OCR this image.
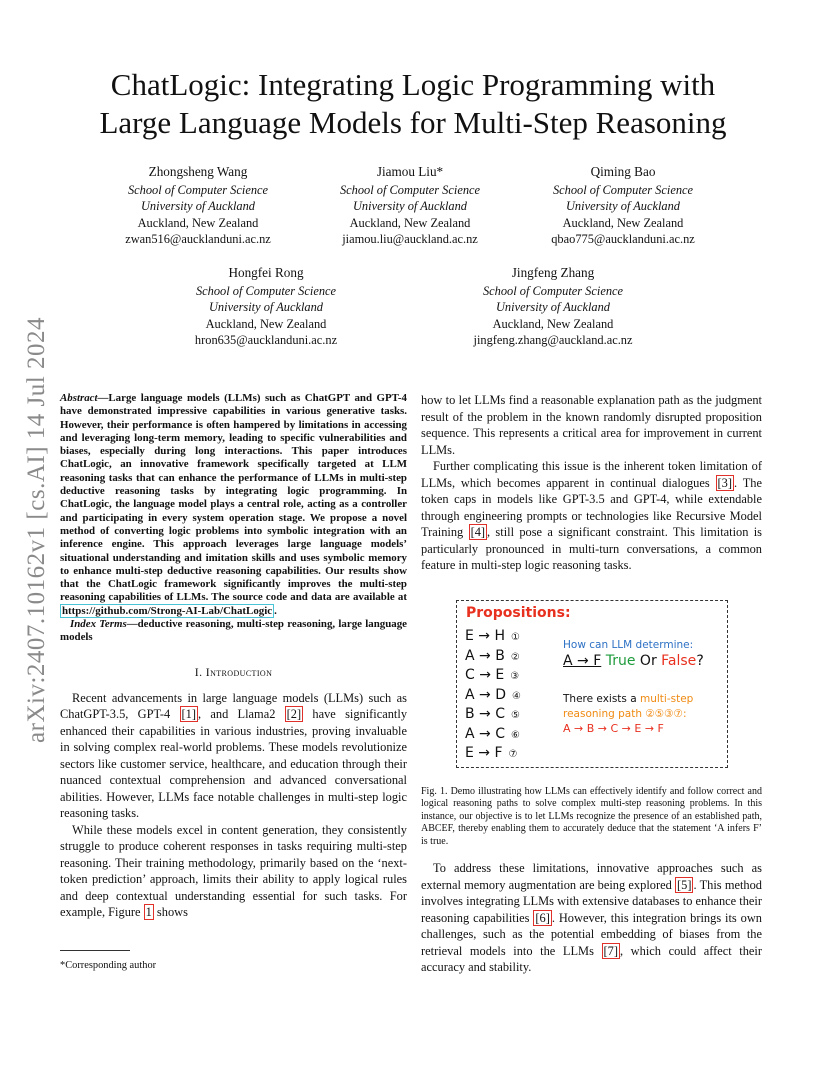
arXiv:2407.10162v1 [cs.AI] 14 Jul 2024
ChatLogic: Integrating Logic Programming with
Large Language Models for Multi-Step Reasoning
Zhongsheng Wang
School of Computer Science
University of Auckland
Auckland, New Zealand
zwan516@aucklanduni.ac.nz
Jiamou Liu*
School of Computer Science
University of Auckland
Auckland, New Zealand
jiamou.liu@auckland.ac.nz
Qiming Bao
School of Computer Science
University of Auckland
Auckland, New Zealand
qbao775@aucklanduni.ac.nz
Hongfei Rong
School of Computer Science
University of Auckland
Auckland, New Zealand
hron635@aucklanduni.ac.nz
Jingfeng Zhang
School of Computer Science
University of Auckland
Auckland, New Zealand
jingfeng.zhang@auckland.ac.nz

Abstract—Large language models (LLMs) such as ChatGPT and GPT-4 have demonstrated impressive capabilities in various generative tasks. However, their performance is often hampered by limitations in accessing and leveraging long-term memory, leading to specific vulnerabilities and biases, especially during long interactions. This paper introduces ChatLogic, an innovative framework specifically targeted at LLM reasoning tasks that can enhance the performance of LLMs in multi-step deductive reasoning tasks by integrating logic programming. In ChatLogic, the language model plays a central role, acting as a controller and participating in every system operation stage. We propose a novel method of converting logic problems into symbolic integration with an inference engine. This approach leverages large language models’ situational understanding and imitation skills and uses symbolic memory to enhance multi-step deductive reasoning capabilities. Our results show that the ChatLogic framework significantly improves the multi-step reasoning capabilities of LLMs. The source code and data are available at https://github.com/Strong-AI-Lab/ChatLogic .

Index Terms—deductive reasoning, multi-step reasoning, large language models

I. Introduction

Recent advancements in large language models (LLMs) such as ChatGPT-3.5, GPT-4 [1] , and Llama2 [2] have significantly enhanced their capabilities in various industries, proving invaluable in solving complex real-world problems. These models revolutionize sectors like customer service, healthcare, and education through their nuanced contextual comprehension and advanced conversational abilities. However, LLMs face notable challenges in multi-step logic reasoning tasks.

While these models excel in content generation, they consistently struggle to produce coherent responses in tasks requiring multi-step reasoning. Their training methodology, primarily based on the ‘next-token prediction’ approach, limits their ability to apply logical rules and deep contextual understanding essential for such tasks. For example, Figure 1 shows

*Corresponding author

how to let LLMs find a reasonable explanation path as the judgment result of the problem in the known randomly disrupted proposition sequence. This represents a critical area for improvement in current LLMs.

Further complicating this issue is the inherent token limitation of LLMs, which becomes apparent in continual dialogues [3] . The token caps in models like GPT-3.5 and GPT-4, while extendable through engineering prompts or technologies like Recursive Model Training [4] , still pose a significant constraint. This limitation is particularly pronounced in multi-turn conversations, a common feature in multi-step logic reasoning tasks.

Propositions:
E → H ①
A → B ②
C → E ③
A → D ④
B → C ⑤
A → C ⑥
E → F ⑦
How can LLM determine:
A → F True Or False?
There exists a multi-step
reasoning path ②⑤③⑦:
A → B → C → E → F
Fig. 1. Demo illustrating how LLMs can effectively identify and follow correct and logical reasoning paths to solve complex multi-step reasoning problems. In this instance, our objective is to let LLMs recognize the presence of an established path, ABCEF, thereby enabling them to accurately deduce that the statement ‘A infers F’ is true.

To address these limitations, innovative approaches such as external memory augmentation are being explored [5] . This method involves integrating LLMs with extensive databases to enhance their reasoning capabilities [6] . However, this integration brings its own challenges, such as the potential embedding of biases from the retrieval models into the LLMs [7] , which could affect their accuracy and stability.
